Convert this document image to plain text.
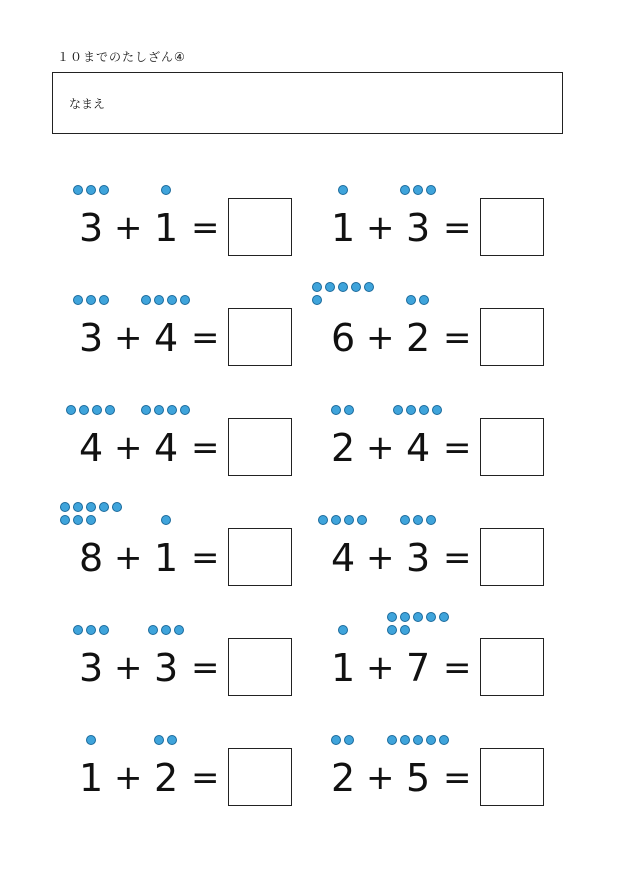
１０までのたしざん④
なまえ
3 + 1 =	1 + 3 =
3 + 4 =	6 + 2 =
4 + 4 =	2 + 4 =
8 + 1 =	4 + 3 =
3 + 3 =	1 + 7 =
1 + 2 =	2 + 5 =
